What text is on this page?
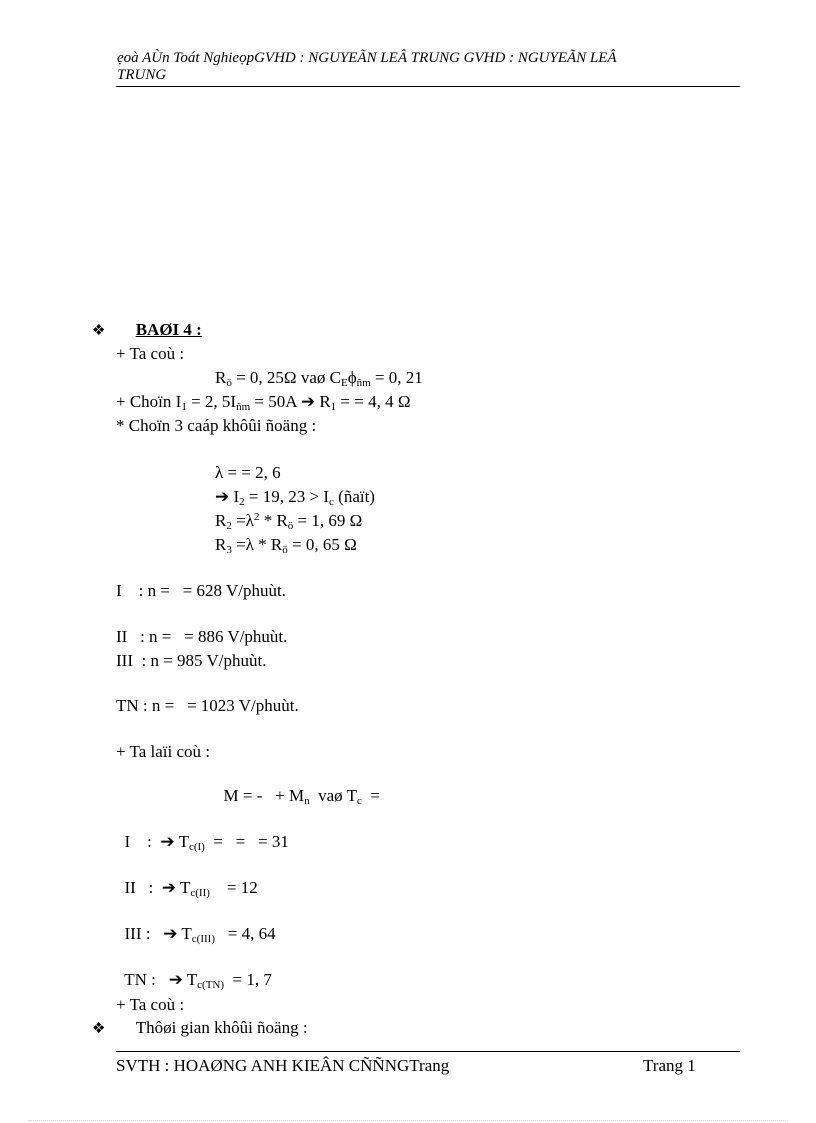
ẹoà AÙn Toát NghieọpGVHD : NGUYEÃN LEÂ TRUNG GVHD : NGUYEÃN LEÂ
TRUNG
❖ BAØI 4 :
+ Ta coù :
$R_ö = 0$, 25Ω vaø $C_E\phi_{ñm} = 0$, 21
+ Choïn $I_1 = 2$, $5I_{ñm} = 50A$ ➔ $R_1$ = = 4, 4 Ω
* Choïn 3 caáp khôûi ñoäng :
λ = = 2, 6
➔ $I_2 = 19$, $23 > I_c$ (ñaït)
$R_2 =\lambda^2 * R_ö = 1$, 69 Ω
$R_3 =\lambda * R_ö = 0$, 65 Ω
I    : n =   = 628 V/phuùt.
II   : n =   = 886 V/phuùt.
III  : n = 985 V/phuùt.
TN : n =   = 1023 V/phuùt.
+ Ta laïi coù :

M = -   + $M_n$  vaø $T_c$  =

I    :  ➔ $T_{c(I)}$  =   =   = 31

II   :  ➔ $T_{c(II)}$    = 12

III :   ➔ $T_{c(III)} = 4$, 64

TN :   ➔ $T_{c(TN)} = 1$, 7

+ Ta coù :
❖ Thôøi gian khôûi ñoäng :
SVTH : HOAØNG ANH KIEÂN CÑÑNGTrang	Trang 1
